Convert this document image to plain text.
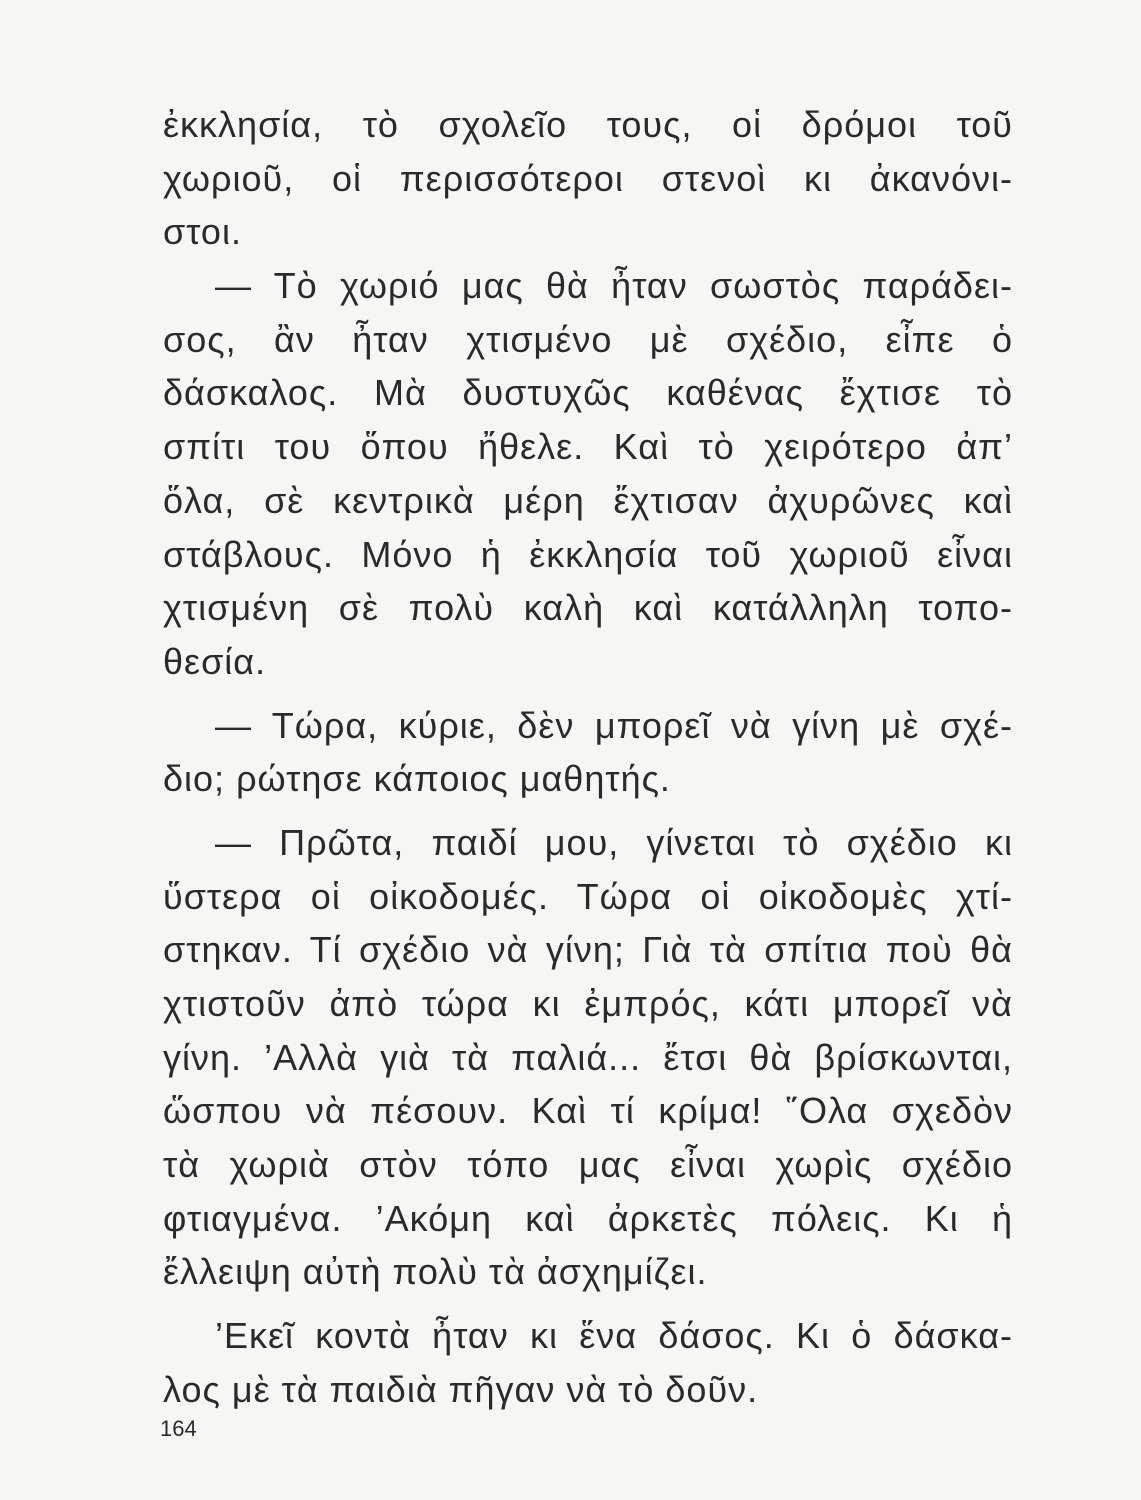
ἐκκλησία, τὸ σχολεῖο τους, οἱ δρόμοι τοῦ
χωριοῦ, οἱ περισσότεροι στενοὶ κι ἀκανόνι-
στοι.
— Τὸ χωριό μας θὰ ἦταν σωστὸς παράδει-
σος, ἂν ἦταν χτισμένο μὲ σχέδιο, εἶπε ὁ
δάσκαλος. Μὰ δυστυχῶς καθένας ἔχτισε τὸ
σπίτι του ὅπου ἤθελε. Καὶ τὸ χειρότερο ἀπ’
ὅλα, σὲ κεντρικὰ μέρη ἔχτισαν ἀχυρῶνες καὶ
στάβλους. Μόνο ἡ ἐκκλησία τοῦ χωριοῦ εἶναι
χτισμένη σὲ πολὺ καλὴ καὶ κατάλληλη τοπο-
θεσία.
— Τώρα, κύριε, δὲν μπορεῖ νὰ γίνη μὲ σχέ-
διο; ρώτησε κάποιος μαθητής.
— Πρῶτα, παιδί μου, γίνεται τὸ σχέδιο κι
ὕστερα οἱ οἰκοδομές. Τώρα οἱ οἰκοδομὲς χτί-
στηκαν. Τί σχέδιο νὰ γίνη; Γιὰ τὰ σπίτια ποὺ θὰ
χτιστοῦν ἀπὸ τώρα κι ἐμπρός, κάτι μπορεῖ νὰ
γίνη. ’Αλλὰ γιὰ τὰ παλιά... ἔτσι θὰ βρίσκωνται,
ὥσπου νὰ πέσουν. Καὶ τί κρίμα! ῞Ολα σχεδὸν
τὰ χωριὰ στὸν τόπο μας εἶναι χωρὶς σχέδιο
φτιαγμένα. ’Ακόμη καὶ ἀρκετὲς πόλεις. Κι ἡ
ἔλλειψη αὐτὴ πολὺ τὰ ἀσχημίζει.
’Εκεῖ κοντὰ ἦταν κι ἕνα δάσος. Κι ὁ δάσκα-
λος μὲ τὰ παιδιὰ πῆγαν νὰ τὸ δοῦν.
164
